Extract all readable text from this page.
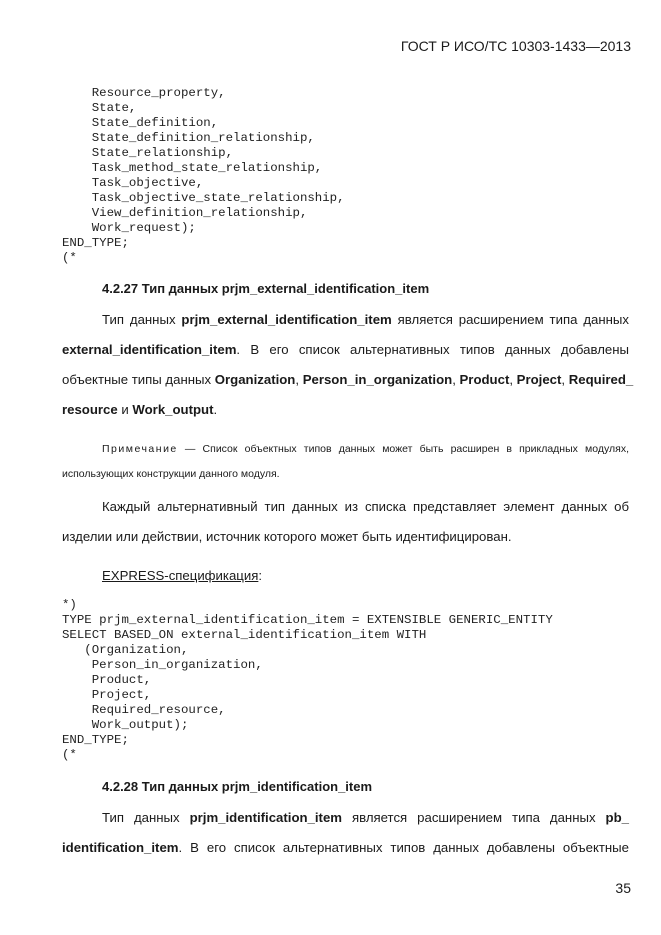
ГОСТ Р ИСО/ТС 10303-1433—2013
Resource_property,
State,
State_definition,
State_definition_relationship,
State_relationship,
Task_method_state_relationship,
Task_objective,
Task_objective_state_relationship,
View_definition_relationship,
Work_request);
END_TYPE;
(*
4.2.27 Тип данных prjm_external_identification_item
Тип данных prjm_external_identification_item является расширением типа данных
external_identification_item. В его список альтернативных типов данных добавлены
объектные типы данных Organization, Person_in_organization, Product, Project, Required_
resource и Work_output.
Примечание — Список объектных типов данных может быть расширен в прикладных модулях,
использующих конструкции данного модуля.
Каждый альтернативный тип данных из списка представляет элемент данных об
изделии или действии, источник которого может быть идентифицирован.
EXPRESS-спецификация:
*)
TYPE prjm_external_identification_item = EXTENSIBLE GENERIC_ENTITY
SELECT BASED_ON external_identification_item WITH
(Organization,
Person_in_organization,
Product,
Project,
Required_resource,
Work_output);
END_TYPE;
(*
4.2.28 Тип данных prjm_identification_item
Тип данных prjm_identification_item является расширением типа данных pb_
identification_item. В его список альтернативных типов данных добавлены объектные
35
